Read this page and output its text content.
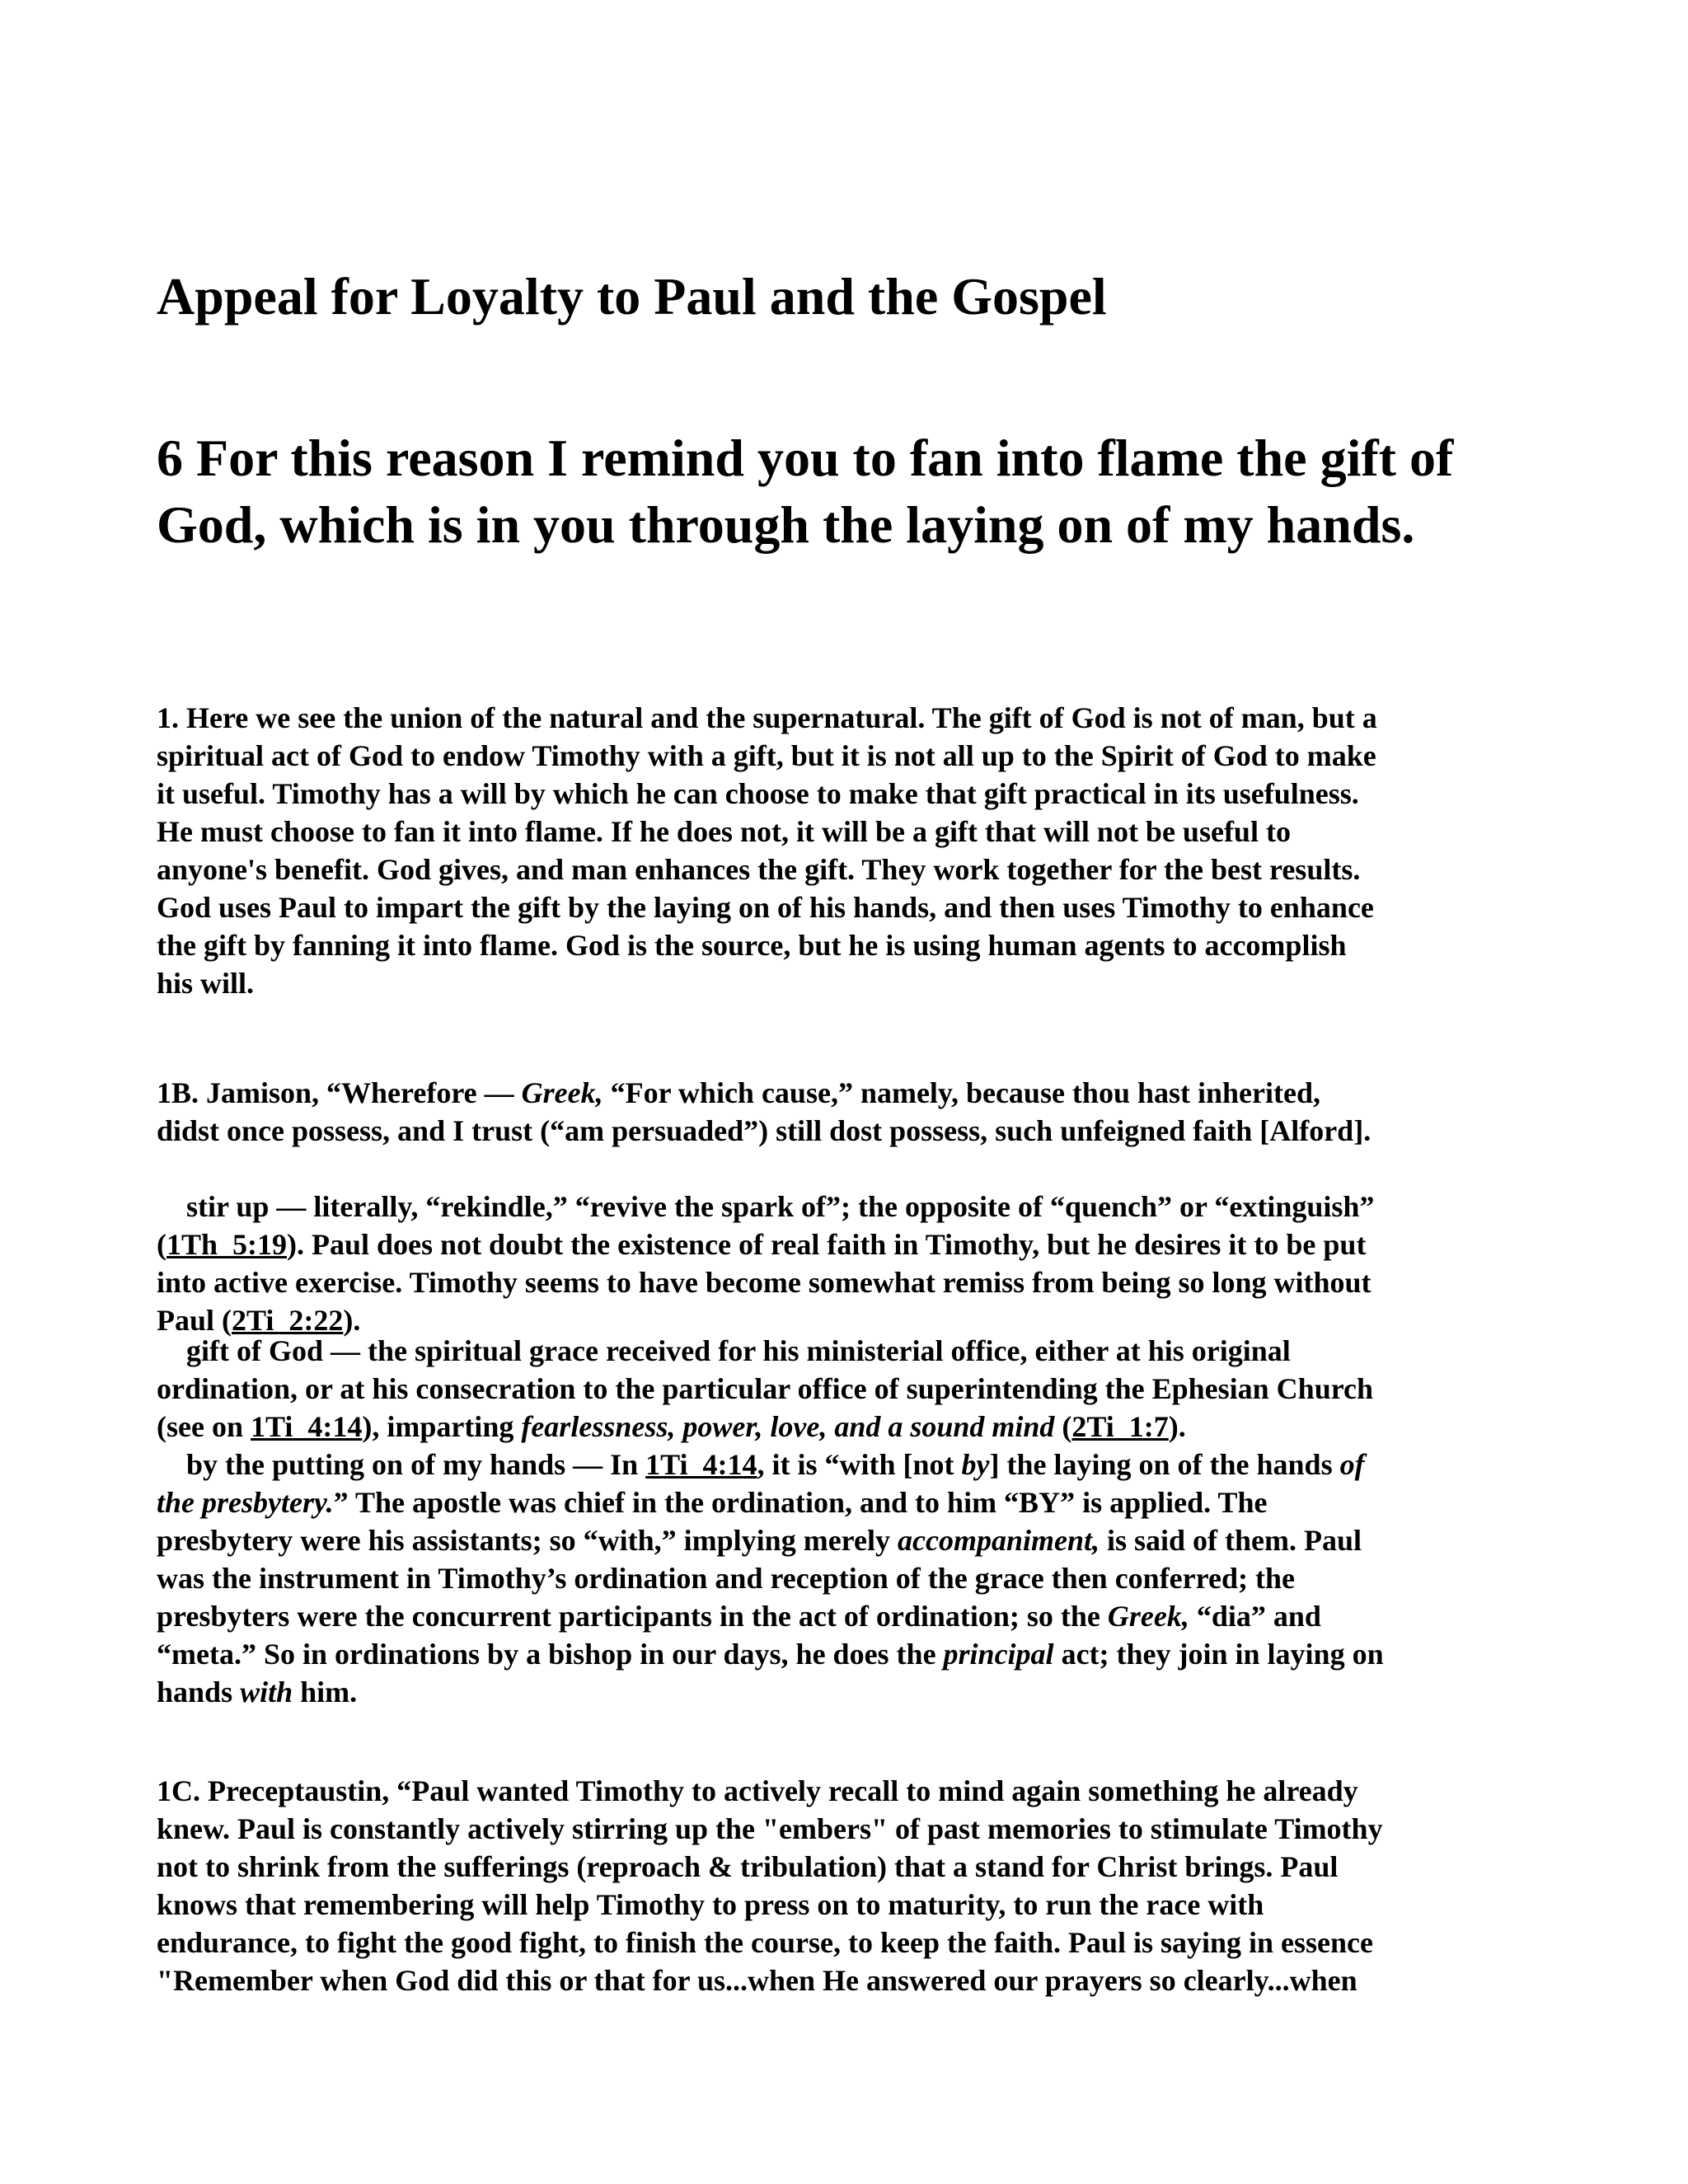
Appeal for Loyalty to Paul and the Gospel
6 For this reason I remind you to fan into flame the gift of
God, which is in you through the laying on of my hands.

1. Here we see the union of the natural and the supernatural. The gift of God is not of man, but a
spiritual act of God to endow Timothy with a gift, but it is not all up to the Spirit of God to make
it useful. Timothy has a will by which he can choose to make that gift practical in its usefulness.
He must choose to fan it into flame. If he does not, it will be a gift that will not be useful to
anyone's benefit. God gives, and man enhances the gift. They work together for the best results.
God uses Paul to impart the gift by the laying on of his hands, and then uses Timothy to enhance
the gift by fanning it into flame. God is the source, but he is using human agents to accomplish
his will.

1B. Jamison, “Wherefore — Greek, “For which cause,” namely, because thou hast inherited,
didst once possess, and I trust (“am persuaded”) still dost possess, such unfeigned faith [Alford].

stir up — literally, “rekindle,” “revive the spark of”; the opposite of “quench” or “extinguish”
(1Th_5:19). Paul does not doubt the existence of real faith in Timothy, but he desires it to be put
into active exercise. Timothy seems to have become somewhat remiss from being so long without
Paul (2Ti_2:22).

gift of God — the spiritual grace received for his ministerial office, either at his original
ordination, or at his consecration to the particular office of superintending the Ephesian Church
(see on 1Ti_4:14), imparting fearlessness, power, love, and a sound mind (2Ti_1:7).

by the putting on of my hands — In 1Ti_4:14, it is “with [not by] the laying on of the hands of
the presbytery.” The apostle was chief in the ordination, and to him “BY” is applied. The
presbytery were his assistants; so “with,” implying merely accompaniment, is said of them. Paul
was the instrument in Timothy’s ordination and reception of the grace then conferred; the
presbyters were the concurrent participants in the act of ordination; so the Greek, “dia” and
“meta.” So in ordinations by a bishop in our days, he does the principal act; they join in laying on
hands with him.

1C. Preceptaustin, “Paul wanted Timothy to actively recall to mind again something he already
knew. Paul is constantly actively stirring up the "embers" of past memories to stimulate Timothy
not to shrink from the sufferings (reproach & tribulation) that a stand for Christ brings. Paul
knows that remembering will help Timothy to press on to maturity, to run the race with
endurance, to fight the good fight, to finish the course, to keep the faith. Paul is saying in essence
"Remember when God did this or that for us...when He answered our prayers so clearly...when
